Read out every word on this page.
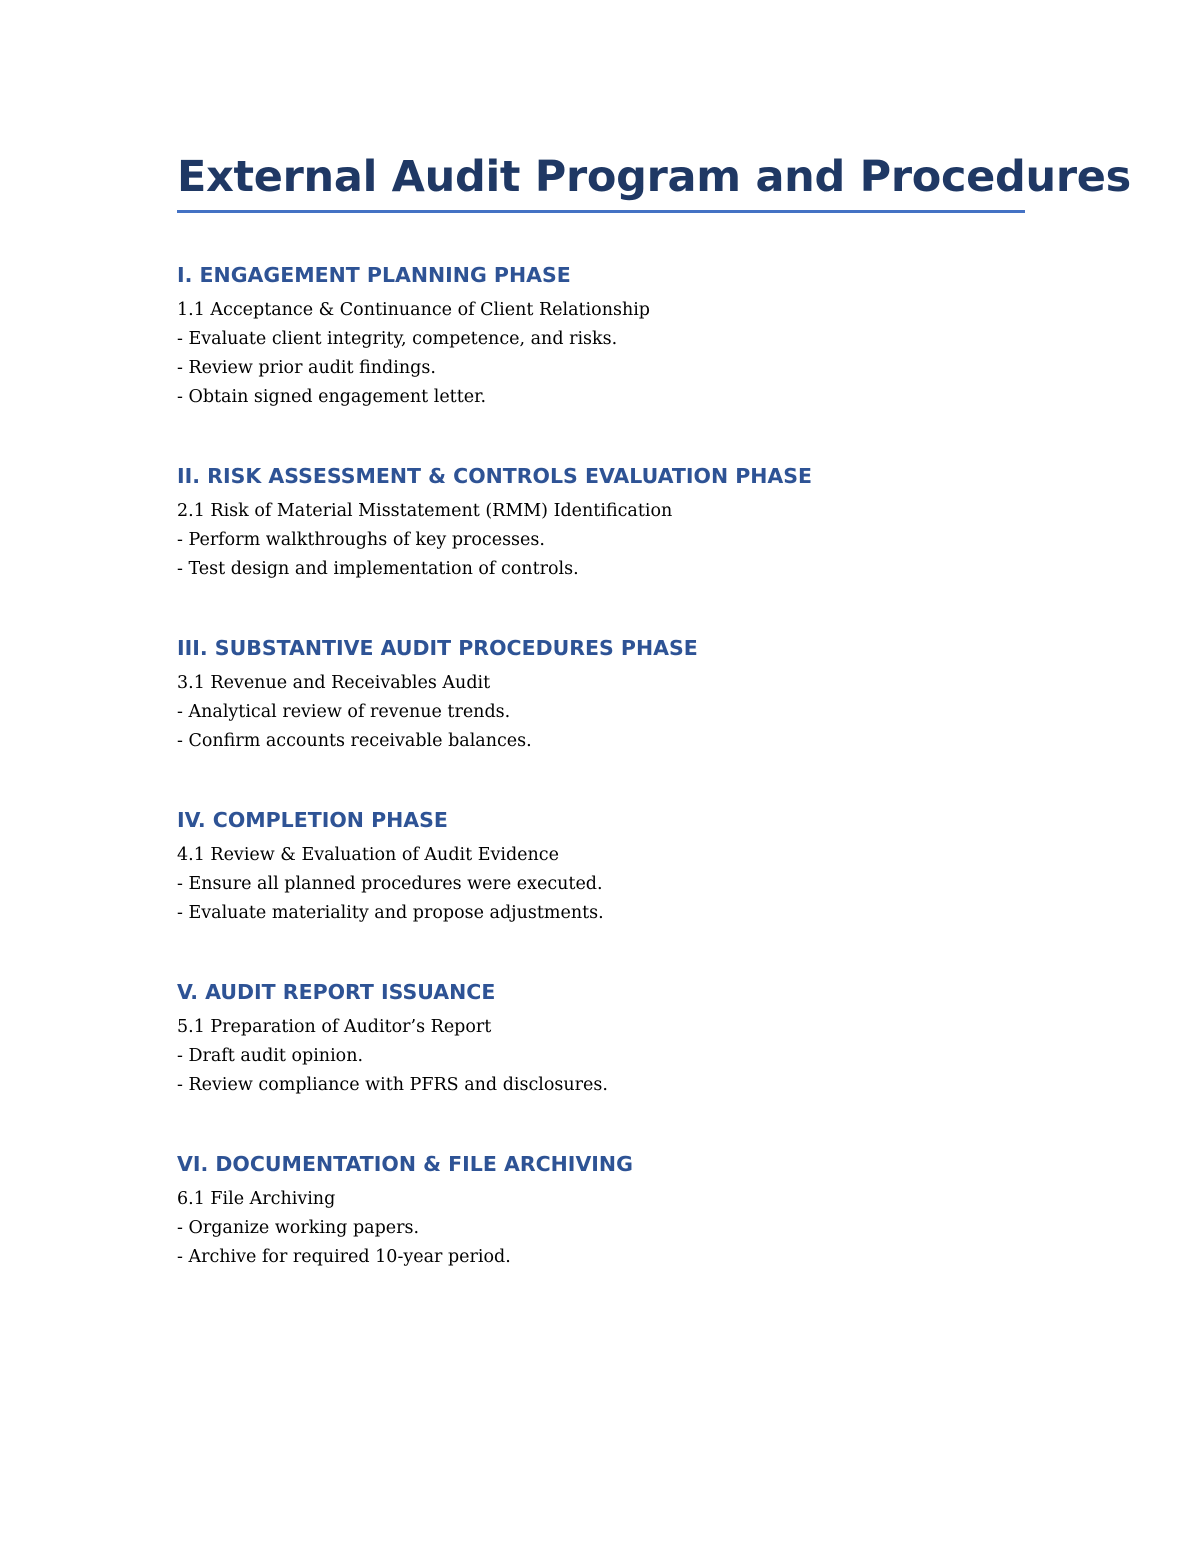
External Audit Program and Procedures
I. ENGAGEMENT PLANNING PHASE

1.1 Acceptance & Continuance of Client Relationship

- Evaluate client integrity, competence, and risks.

- Review prior audit findings.

- Obtain signed engagement letter.

II. RISK ASSESSMENT & CONTROLS EVALUATION PHASE

2.1 Risk of Material Misstatement (RMM) Identification

- Perform walkthroughs of key processes.

- Test design and implementation of controls.

III. SUBSTANTIVE AUDIT PROCEDURES PHASE

3.1 Revenue and Receivables Audit

- Analytical review of revenue trends.

- Confirm accounts receivable balances.

IV. COMPLETION PHASE

4.1 Review & Evaluation of Audit Evidence

- Ensure all planned procedures were executed.

- Evaluate materiality and propose adjustments.

V. AUDIT REPORT ISSUANCE

5.1 Preparation of Auditor’s Report

- Draft audit opinion.

- Review compliance with PFRS and disclosures.

VI. DOCUMENTATION & FILE ARCHIVING

6.1 File Archiving

- Organize working papers.

- Archive for required 10-year period.
